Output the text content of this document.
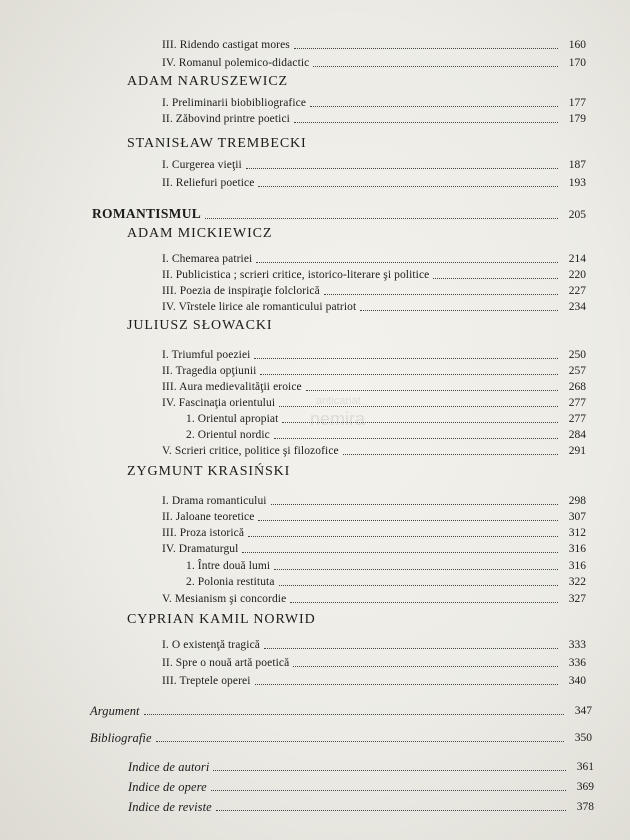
anticariat
nemira
III. Ridendo castigat mores	160
IV. Romanul polemico-didactic	170
ADAM NARUSZEWICZ
I. Preliminarii biobibliografice	177
II. Zăbovind printre poetici	179
STANISŁAW TREMBECKI
I. Curgerea vieţii	187
II. Reliefuri poetice	193
ROMANTISMUL	205
ADAM MICKIEWICZ
I. Chemarea patriei	214
II. Publicistica ; scrieri critice, istorico-literare şi politice	220
III. Poezia de inspiraţie folclorică	227
IV. Vîrstele lirice ale romanticului patriot	234
JULIUSZ SŁOWACKI
I. Triumful poeziei	250
II. Tragedia opţiunii	257
III. Aura medievalităţii eroice	268
IV. Fascinaţia orientului	277
1. Orientul apropiat	277
2. Orientul nordic	284
V. Scrieri critice, politice şi filozofice	291
ZYGMUNT KRASIŃSKI
I. Drama romanticului	298
II. Jaloane teoretice	307
III. Proza istorică	312
IV. Dramaturgul	316
1. Între două lumi	316
2. Polonia restituta	322
V. Mesianism şi concordie	327
CYPRIAN KAMIL NORWID
I. O existenţă tragică	333
II. Spre o nouă artă poetică	336
III. Treptele operei	340
Argument	347
Bibliografie	350
Indice de autori	361
Indice de opere	369
Indice de reviste	378
